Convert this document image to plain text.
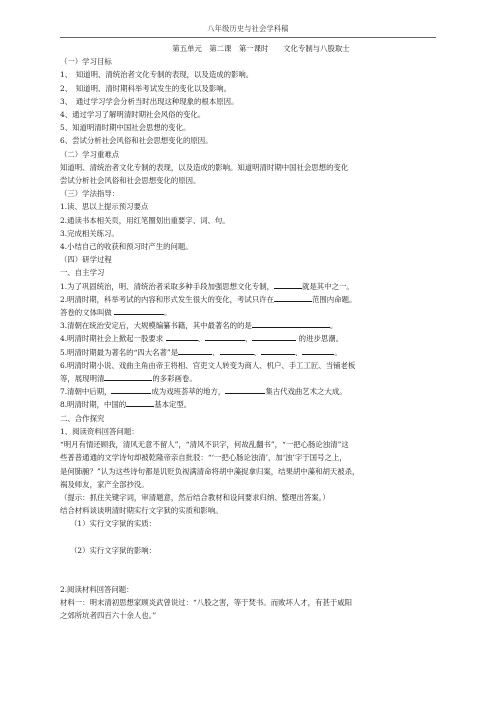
八年级历史与社会学科稿
第五单元　第二课　第一课时　　文化专制与八股取士
（一）学习目标
1、　知道明、清统治者文化专制的表现，以及造成的影响。
2、　知道明、清时期科举考试发生的变化以及影响。
3、　通过学习学会分析当时出现这种现象的根本原因。
4、通过学习了解明清时期社会风俗的变化。
5、知道明清时期中国社会思想的变化。
6、尝试分析社会风俗和社会思想变化的原因。
（二）学习重难点
知道明、清统治者文化专制的表现，以及造成的影响。知道明清时期中国社会思想的变化
尝试分析社会风俗和社会思想变化的原因。
（三）学法指导：
1.读、思以上提示预习要点
2.通读书本相关页，用红笔圈划出重要字、词、句。
3.完成相关练习。
4.小结自己的收获和预习时产生的问题。
（四）研学过程
一、自主学习
1.为了巩固统治，明、清统治者采取多种手段加强思想文化专制，	就是其中之一。
2.明清时期，科举考试的内容和形式发生很大的变化，考试只许在	范围内命题。
答卷的文体叫做	。
3.清朝在统治安定后，大规模编纂书籍，其中最著名的的是	。
4.明清时期社会上掀起一股要求	、	、	的进步思潮。
5.明清时期最为著名的“四大名著”是	、	、	、	。
6.明清时期小说、戏曲主角由帝王将相、官吏文人转变为商人、机户、手工工匠、当铺老板
等，展现明清	的多彩画卷。
7.清朝中后期，	成为戏班荟萃的地方，	集古代戏曲艺术之大成。
8.明清时期，中国的	基本定型。
二、合作探究
1、阅读资料回答问题：
“明月有情还顾我，清风无意不留人”，“清风不识字，何故乱翻书”，“一把心肠论浊清”这
些普普通通的文学诗句却被乾隆帝亲自批驳：“‘一把心肠论浊清’，加‘浊’字于国号之上，
是何肺腑？”认为这些诗句都是讥贬负视满清命将胡中藻捉拿归案，结果胡中藻和胡天被杀，
祸及师友，家产全部抄没。
（提示：抓住关键字词，审清题意，然后结合教材和设问要求归纳、整理出答案。）
结合材料谈谈明清时期实行文字狱的实质和影响。
（1）实行文字狱的实质：
（2）实行文字狱的影响：
2.阅读材料回答问题：
材料一：明末清初思想家顾炎武曾说过：“八股之害，等于焚书。而败坏人才，有甚于咸阳
之郊所坑者四百六十余人也。”
